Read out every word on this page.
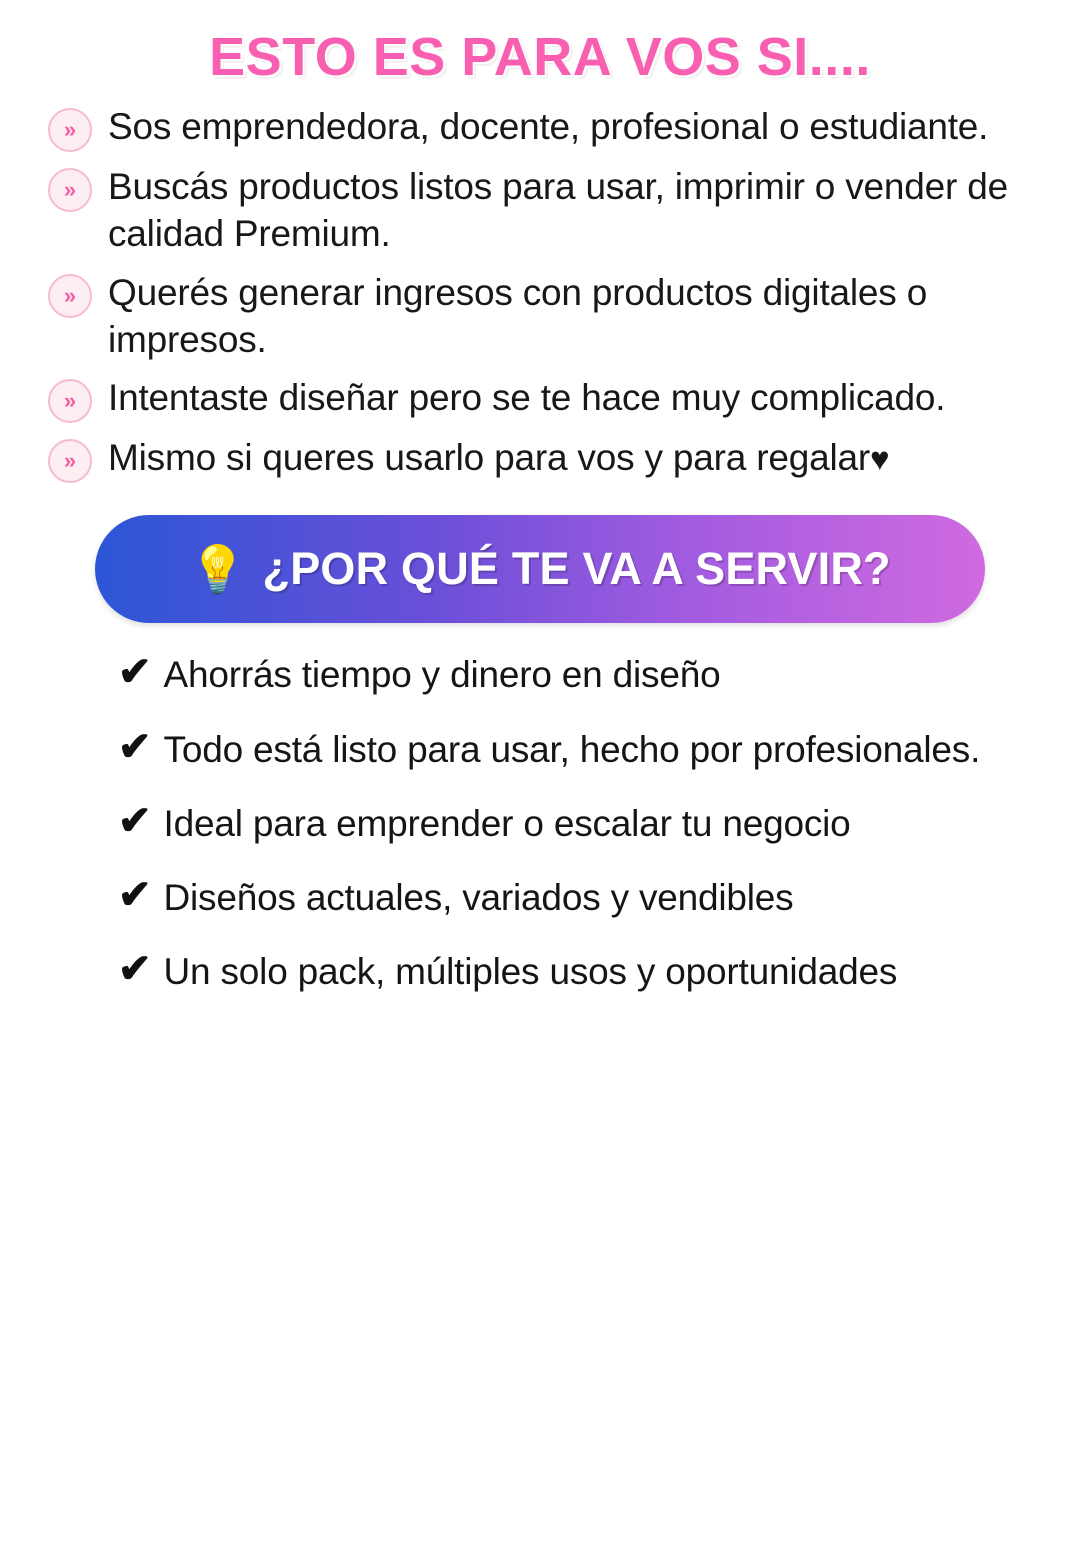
ESTO ES PARA VOS SI....
» Sos emprendedora, docente, profesional o estudiante.
» Buscás productos listos para usar, imprimir o vender de calidad Premium.
» Querés generar ingresos con productos digitales o impresos.
» Intentaste diseñar pero se te hace muy complicado.
» Mismo si queres usarlo para vos y para regalar♥
💡 ¿POR QUÉ TE VA A SERVIR?
✔ Ahorrás tiempo y dinero en diseño
✔ Todo está listo para usar, hecho por profesionales.
✔ Ideal para emprender o escalar tu negocio
✔ Diseños actuales, variados y vendibles
✔ Un solo pack, múltiples usos y oportunidades
